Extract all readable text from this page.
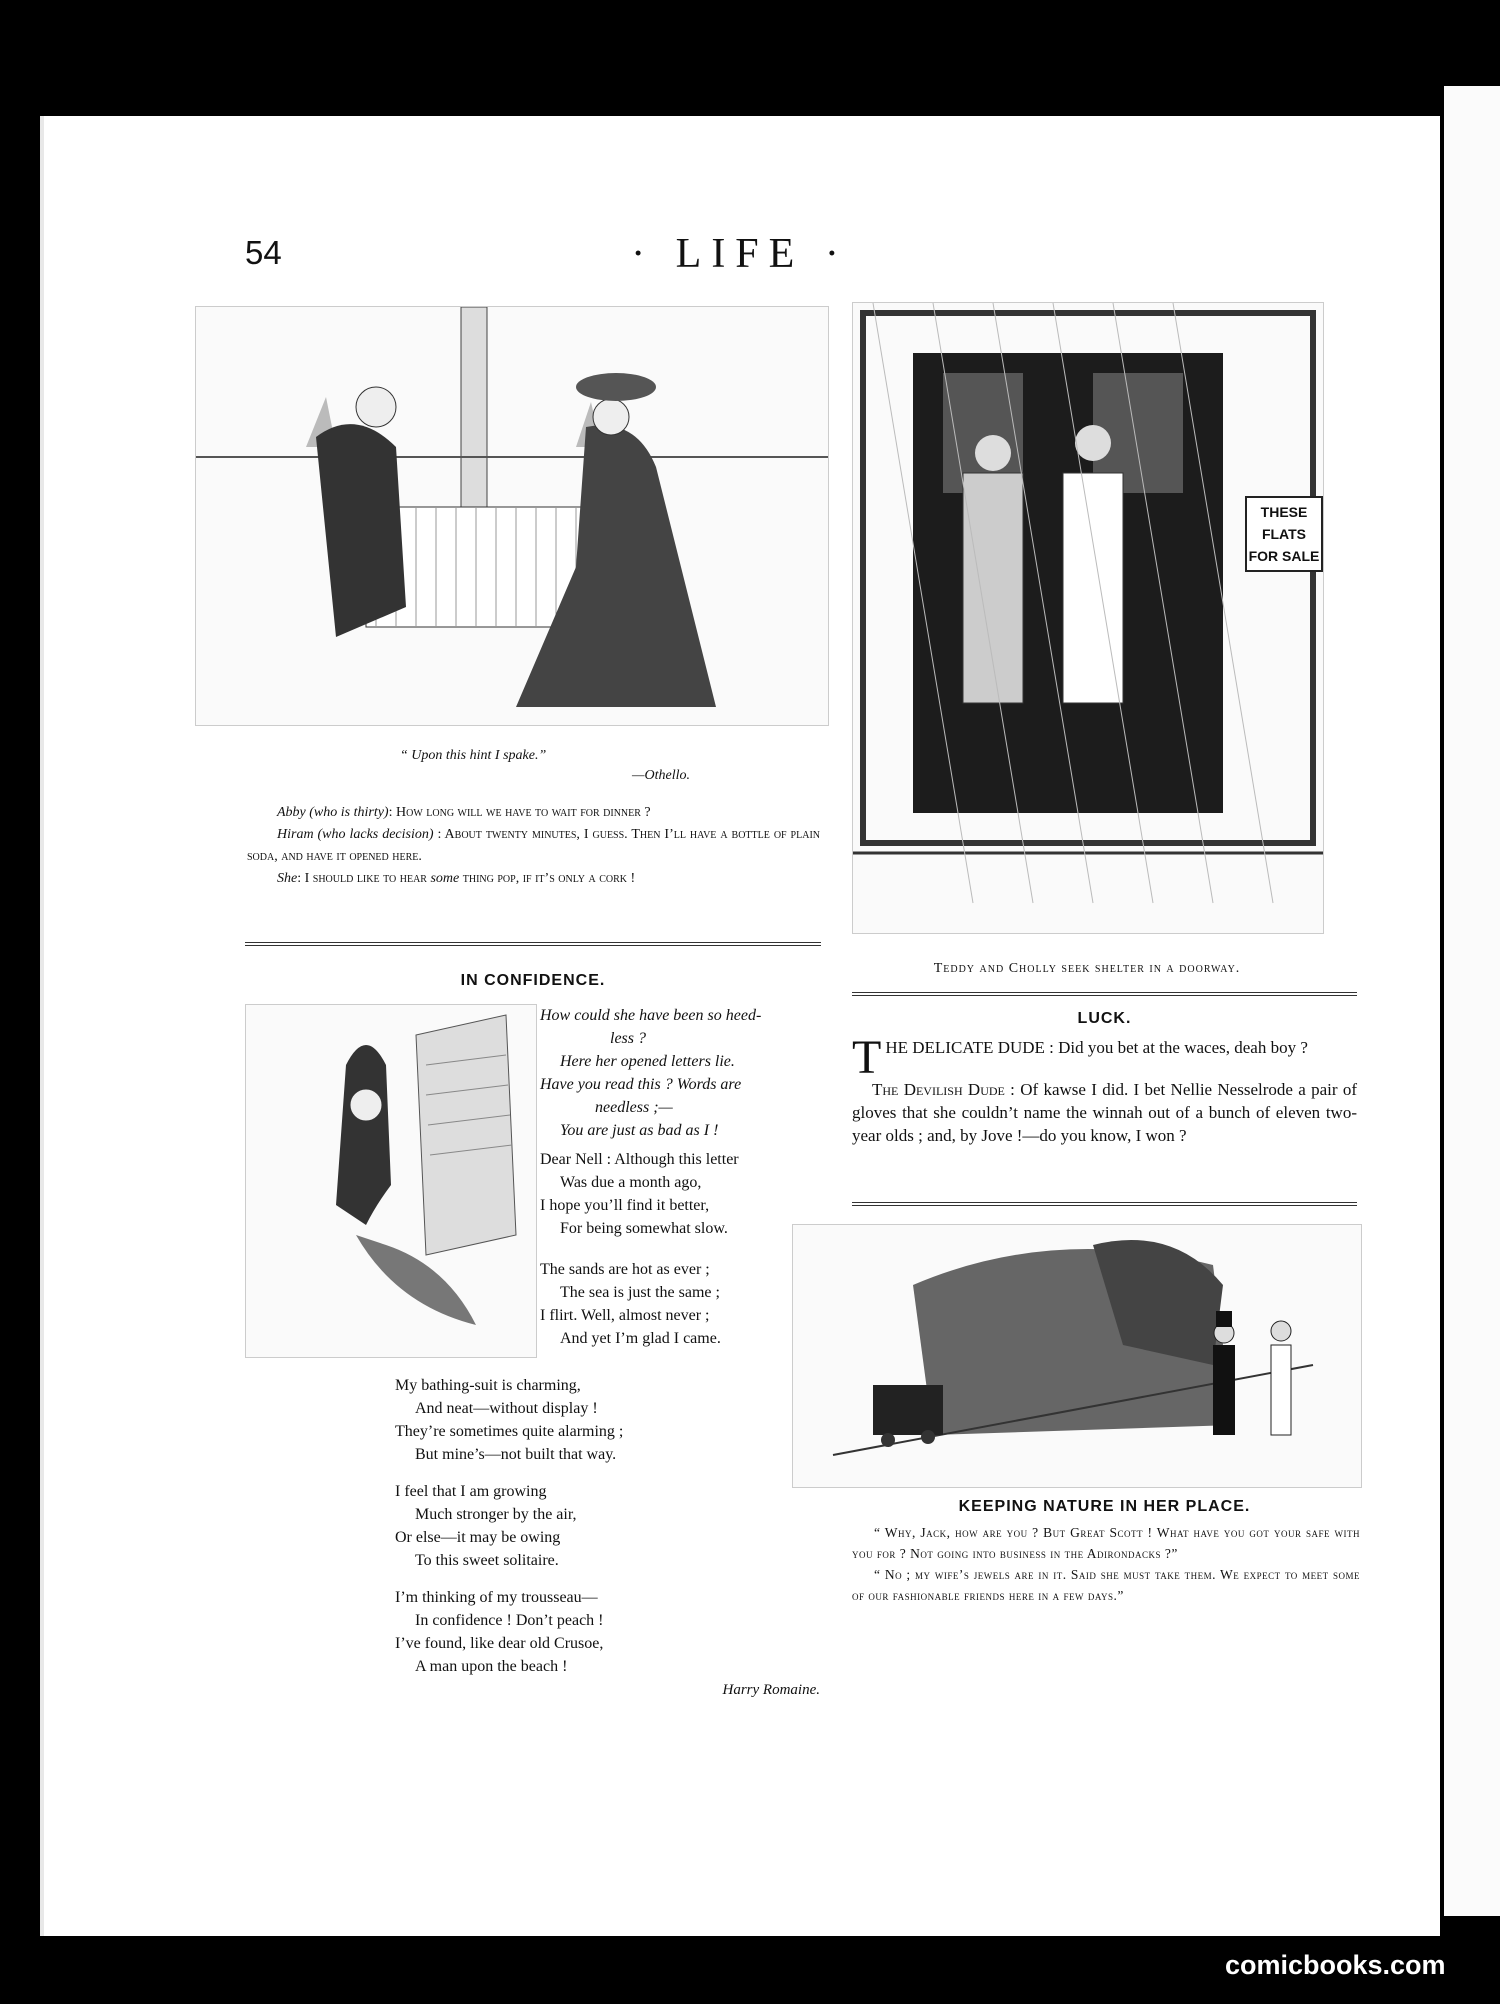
54	· LIFE ·
“ Upon this hint I spake.”
—Othello.

Abby (who is thirty): How long will we have to wait for dinner ?

Hiram (who lacks decision) : About twenty minutes, I guess. Then I’ll have a bottle of plain soda, and have it opened here.

She: I should like to hear some thing pop, if it’s only a cork !

THESE FLATS FOR SALE
Teddy and Cholly seek shelter in a doorway.
IN CONFIDENCE.
How could she have been so heed-
less ?
Here her opened letters lie.
Have you read this ? Words are
needless ;—
You are just as bad as I !
Dear Nell : Although this letter
Was due a month ago,
I hope you’ll find it better,
For being somewhat slow.
The sands are hot as ever ;
The sea is just the same ;
I flirt. Well, almost never ;
And yet I’m glad I came.
My bathing-suit is charming,
And neat—without display !
They’re sometimes quite alarming ;
But mine’s—not built that way.
I feel that I am growing
Much stronger by the air,
Or else—it may be owing
To this sweet solitaire.
I’m thinking of my trousseau—
In confidence ! Don’t peach !
I’ve found, like dear old Crusoe,
A man upon the beach !
Harry Romaine.
LUCK.

THE DELICATE DUDE : Did you bet at the waces, deah boy ?

The Devilish Dude : Of kawse I did. I bet Nellie Nesselrode a pair of gloves that she couldn’t name the winnah out of a bunch of eleven two-year olds ; and, by Jove !—do you know, I won ?

KEEPING NATURE IN HER PLACE.

“ Why, Jack, how are you ? But Great Scott ! What have you got your safe with you for ? Not going into business in the Adirondacks ?”

“ No ; my wife’s jewels are in it. Said she must take them. We expect to meet some of our fashionable friends here in a few days.”

comicbooks.com
